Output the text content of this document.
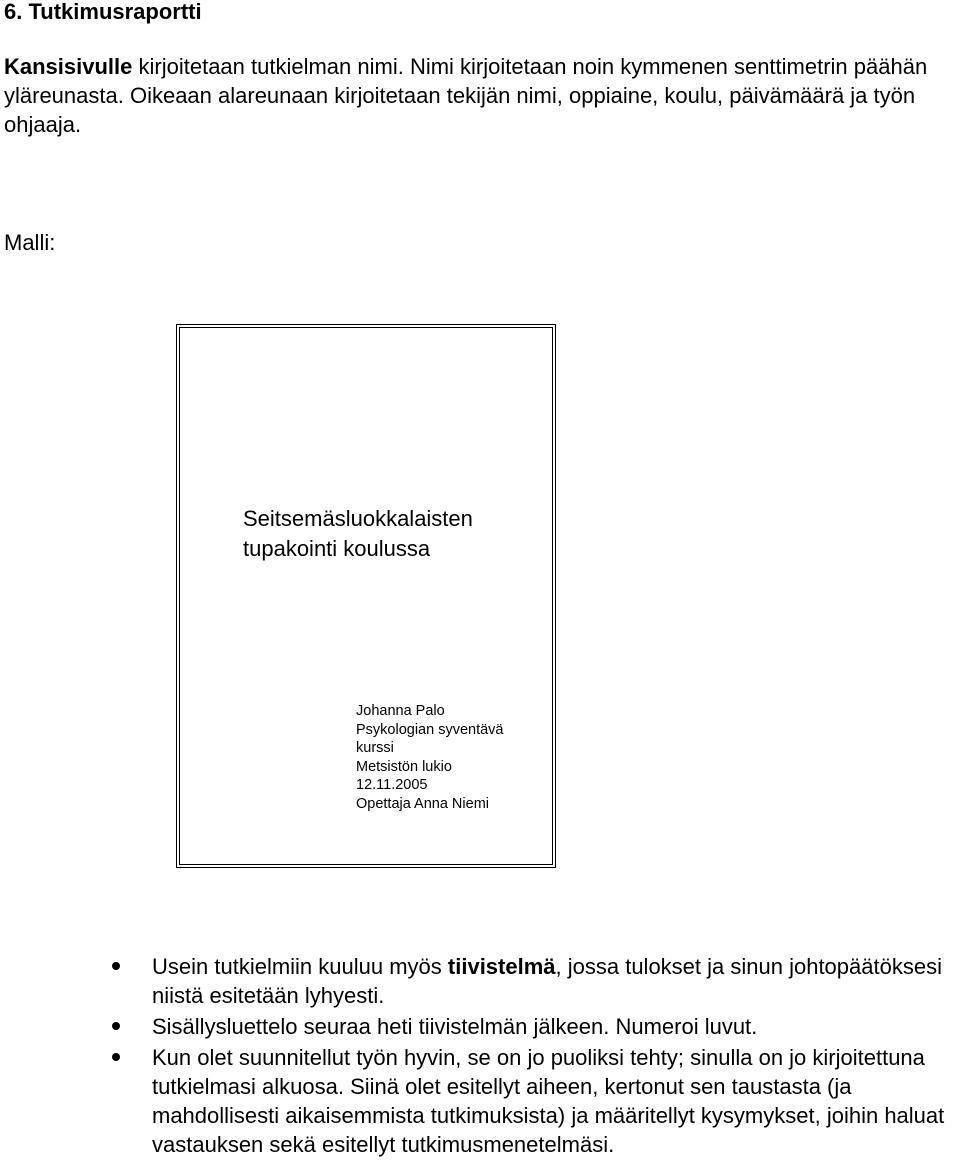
6. Tutkimusraportti

Kansisivulle kirjoitetaan tutkielman nimi. Nimi kirjoitetaan noin kymmenen senttimetrin päähän yläreunasta. Oikeaan alareunaan kirjoitetaan tekijän nimi, oppiaine, koulu, päivämäärä ja työn ohjaaja.

Malli:

Seitsemäsluokkalaisten
tupakointi koulussa

Johanna Palo
Psykologian syventävä kurssi
Metsistön lukio
12.11.2005
Opettaja Anna Niemi

Usein tutkielmiin kuuluu myös tiivistelmä, jossa tulokset ja sinun johtopäätöksesi niistä esitetään lyhyesti.
Sisällysluettelo seuraa heti tiivistelmän jälkeen. Numeroi luvut.
Kun olet suunnitellut työn hyvin, se on jo puoliksi tehty; sinulla on jo kirjoitettuna tutkielmasi alkuosa. Siinä olet esitellyt aiheen, kertonut sen taustasta (ja mahdollisesti aikaisemmista tutkimuksista) ja määritellyt kysymykset, joihin haluat vastauksen sekä esitellyt tutkimusmenetelmäsi.
